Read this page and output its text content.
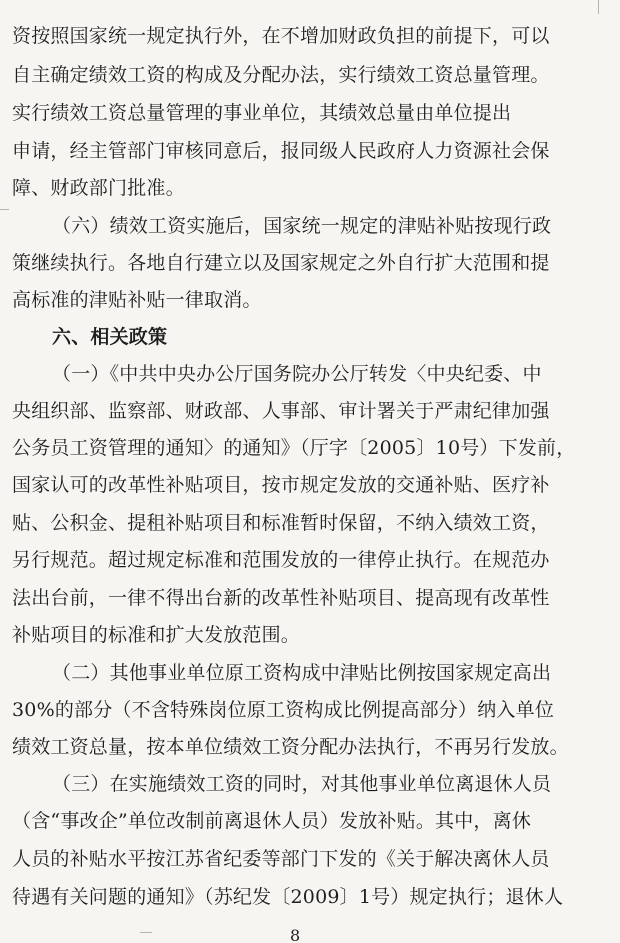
资按照国家统一规定执行外，在不增加财政负担的前提下，可以
自主确定绩效工资的构成及分配办法，实行绩效工资总量管理。
实行绩效工资总量管理的事业单位，其绩效总量由单位提出
申请，经主管部门审核同意后，报同级人民政府人力资源社会保
障、财政部门批准。
（六）绩效工资实施后，国家统一规定的津贴补贴按现行政
策继续执行。各地自行建立以及国家规定之外自行扩大范围和提
高标准的津贴补贴一律取消。
六、相关政策
（一）《中共中央办公厅国务院办公厅转发〈中央纪委、中
央组织部、监察部、财政部、人事部、审计署关于严肃纪律加强
公务员工资管理的通知〉的通知》（厅字〔2005〕10号）下发前，
国家认可的改革性补贴项目，按市规定发放的交通补贴、医疗补
贴、公积金、提租补贴项目和标准暂时保留，不纳入绩效工资，
另行规范。超过规定标准和范围发放的一律停止执行。在规范办
法出台前，一律不得出台新的改革性补贴项目、提高现有改革性
补贴项目的标准和扩大发放范围。
（二）其他事业单位原工资构成中津贴比例按国家规定高出
30%的部分（不含特殊岗位原工资构成比例提高部分）纳入单位
绩效工资总量，按本单位绩效工资分配办法执行，不再另行发放。
（三）在实施绩效工资的同时，对其他事业单位离退休人员
（含“事改企”单位改制前离退休人员）发放补贴。其中，离休
人员的补贴水平按江苏省纪委等部门下发的《关于解决离休人员
待遇有关问题的通知》（苏纪发〔2009〕1号）规定执行；退休人
8
